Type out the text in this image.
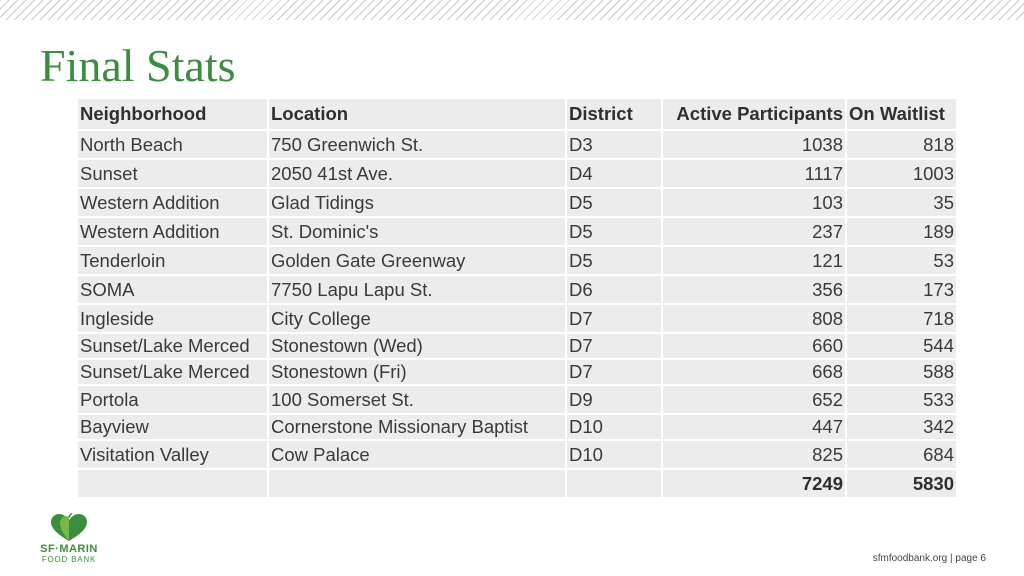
Final Stats
Neighborhood	Location	District	Active Participants	On Waitlist
North Beach	750 Greenwich St.	D3	1038	818
Sunset	2050 41st Ave.	D4	1117	1003
Western Addition	Glad Tidings	D5	103	35
Western Addition	St. Dominic's	D5	237	189
Tenderloin	Golden Gate Greenway	D5	121	53
SOMA	7750 Lapu Lapu St.	D6	356	173
Ingleside	City College	D7	808	718
Sunset/Lake Merced	Stonestown (Wed)	D7	660	544
Sunset/Lake Merced	Stonestown (Fri)	D7	668	588
Portola	100 Somerset St.	D9	652	533
Bayview	Cornerstone Missionary Baptist	D10	447	342
Visitation Valley	Cow Palace	D10	825	684
			7249	5830
SF·MARIN
FOOD BANK	sfmfoodbank.org | page 6
